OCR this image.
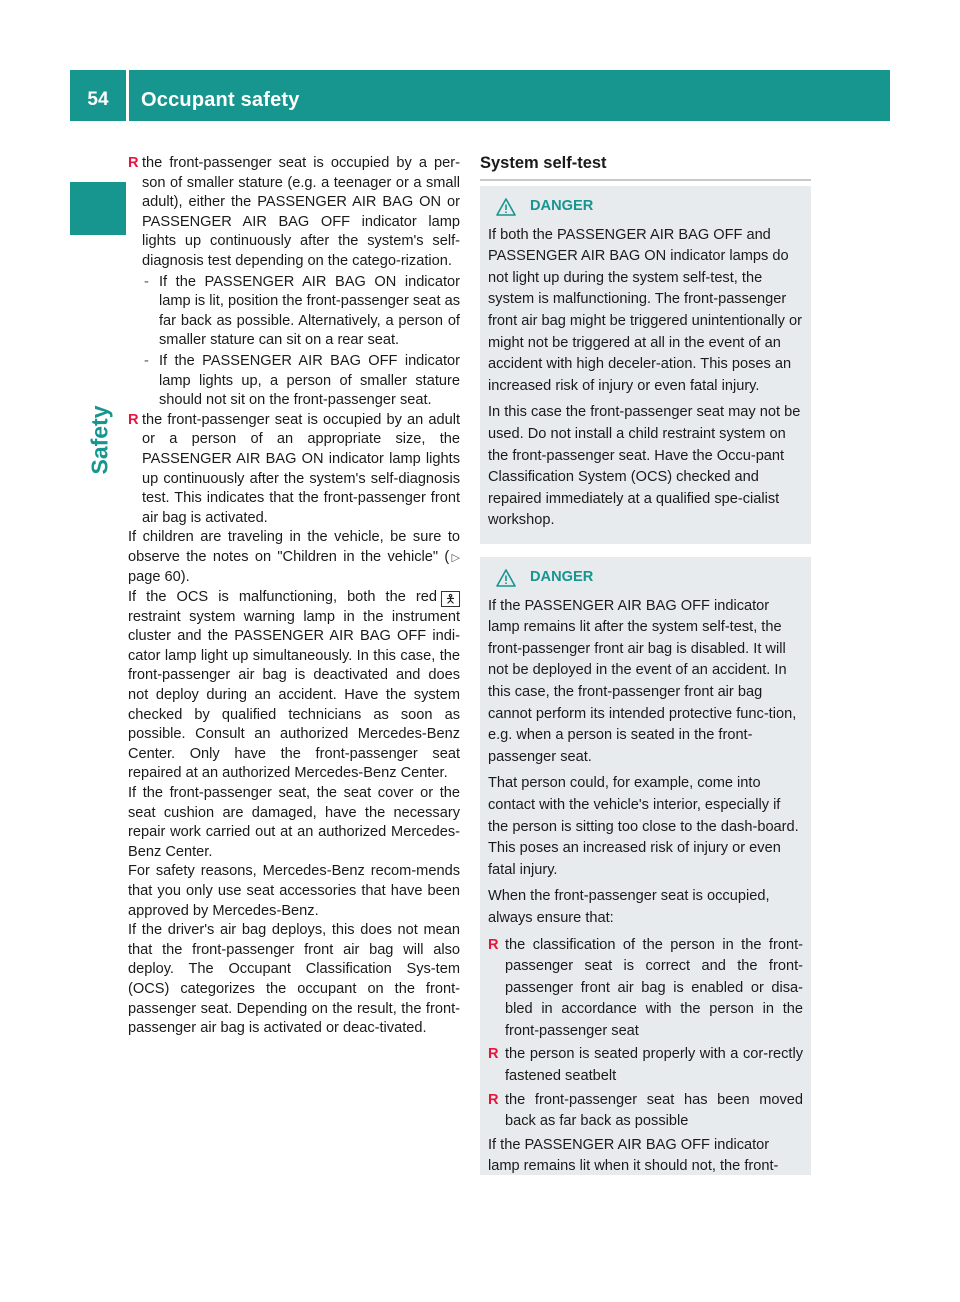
54	Occupant safety
Safety
R the front-passenger seat is occupied by a per-son of smaller stature (e.g. a teenager or a small adult), either the PASSENGER AIR BAG ON or PASSENGER AIR BAG OFF indicator lamp lights up continuously after the system's self-diagnosis test depending on the catego-rization.
- If the PASSENGER AIR BAG ON indicator lamp is lit, position the front-passenger seat as far back as possible. Alternatively, a person of smaller stature can sit on a rear seat.
- If the PASSENGER AIR BAG OFF indicator lamp lights up, a person of smaller stature should not sit on the front-passenger seat.
R the front-passenger seat is occupied by an adult or a person of an appropriate size, the PASSENGER AIR BAG ON indicator lamp lights up continuously after the system's self-diagnosis test. This indicates that the front-passenger front air bag is activated.
If children are traveling in the vehicle, be sure to observe the notes on "Children in the vehicle" (▷ page 60).
If the OCS is malfunctioning, both the red 🯅 restraint system warning lamp in the instrument cluster and the PASSENGER AIR BAG OFF indi-cator lamp light up simultaneously. In this case, the front-passenger air bag is deactivated and does not deploy during an accident. Have the system checked by qualified technicians as soon as possible. Consult an authorized Mercedes-Benz Center. Only have the front-passenger seat repaired at an authorized Mercedes-Benz Center.
If the front-passenger seat, the seat cover or the seat cushion are damaged, have the necessary repair work carried out at an authorized Mercedes-Benz Center.
For safety reasons, Mercedes-Benz recom-mends that you only use seat accessories that have been approved by Mercedes-Benz.
If the driver's air bag deploys, this does not mean that the front-passenger front air bag will also deploy. The Occupant Classification Sys-tem (OCS) categorizes the occupant on the front-passenger seat. Depending on the result, the front-passenger air bag is activated or deac-tivated.
System self-test
DANGER
If both the PASSENGER AIR BAG OFF and PASSENGER AIR BAG ON indicator lamps do not light up during the system self-test, the system is malfunctioning. The front-passenger front air bag might be triggered unintentionally or might not be triggered at all in the event of an accident with high deceler-ation. This poses an increased risk of injury or even fatal injury.
In this case the front-passenger seat may not be used. Do not install a child restraint system on the front-passenger seat. Have the Occu-pant Classification System (OCS) checked and repaired immediately at a qualified spe-cialist workshop.
DANGER
If the PASSENGER AIR BAG OFF indicator lamp remains lit after the system self-test, the front-passenger front air bag is disabled. It will not be deployed in the event of an accident. In this case, the front-passenger front air bag cannot perform its intended protective func-tion, e.g. when a person is seated in the front-passenger seat.
That person could, for example, come into contact with the vehicle's interior, especially if the person is sitting too close to the dash-board. This poses an increased risk of injury or even fatal injury.
When the front-passenger seat is occupied, always ensure that:
R the classification of the person in the front-passenger seat is correct and the front-passenger front air bag is enabled or disa-bled in accordance with the person in the front-passenger seat
R the person is seated properly with a cor-rectly fastened seatbelt
R the front-passenger seat has been moved back as far back as possible
If the PASSENGER AIR BAG OFF indicator lamp remains lit when it should not, the front-
